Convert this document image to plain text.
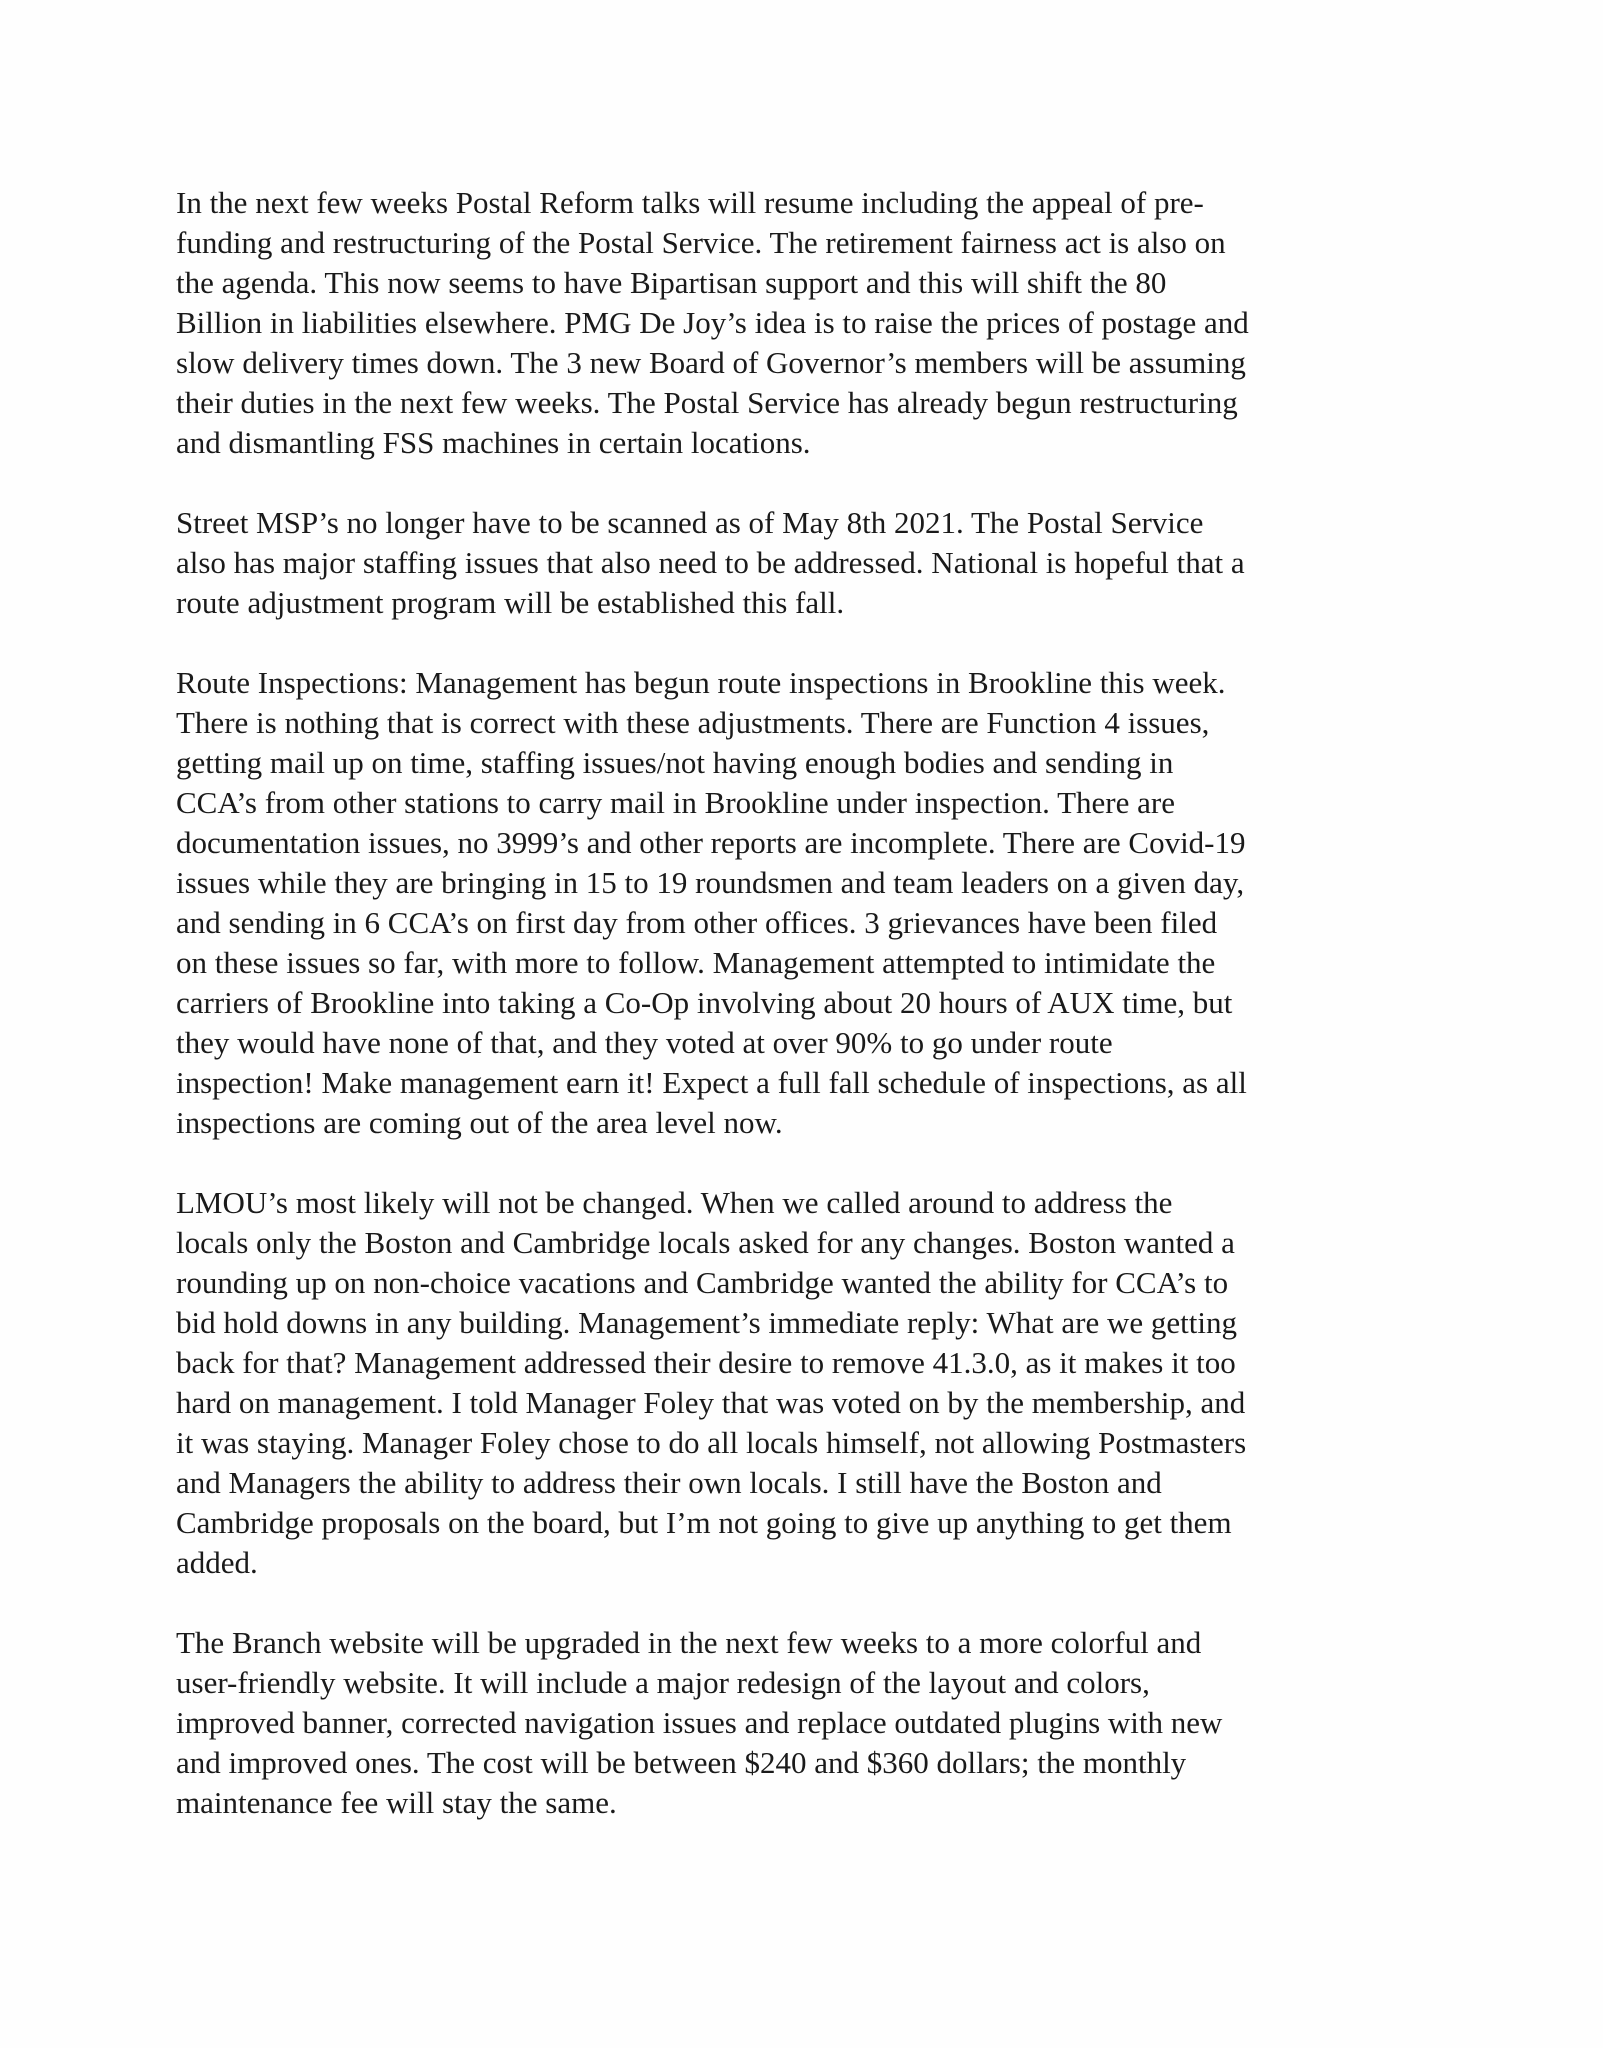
In the next few weeks Postal Reform talks will resume including the appeal of pre-
funding and restructuring of the Postal Service. The retirement fairness act is also on
the agenda. This now seems to have Bipartisan support and this will shift the 80
Billion in liabilities elsewhere. PMG De Joy’s idea is to raise the prices of postage and
slow delivery times down. The 3 new Board of Governor’s members will be assuming
their duties in the next few weeks. The Postal Service has already begun restructuring
and dismantling FSS machines in certain locations.

Street MSP’s no longer have to be scanned as of May 8th 2021. The Postal Service
also has major staffing issues that also need to be addressed. National is hopeful that a
route adjustment program will be established this fall.

Route Inspections: Management has begun route inspections in Brookline this week.
There is nothing that is correct with these adjustments. There are Function 4 issues,
getting mail up on time, staffing issues/not having enough bodies and sending in
CCA’s from other stations to carry mail in Brookline under inspection. There are
documentation issues, no 3999’s and other reports are incomplete. There are Covid-19
issues while they are bringing in 15 to 19 roundsmen and team leaders on a given day,
and sending in 6 CCA’s on first day from other offices. 3 grievances have been filed
on these issues so far, with more to follow. Management attempted to intimidate the
carriers of Brookline into taking a Co-Op involving about 20 hours of AUX time, but
they would have none of that, and they voted at over 90% to go under route
inspection! Make management earn it! Expect a full fall schedule of inspections, as all
inspections are coming out of the area level now.

LMOU’s most likely will not be changed. When we called around to address the
locals only the Boston and Cambridge locals asked for any changes. Boston wanted a
rounding up on non-choice vacations and Cambridge wanted the ability for CCA’s to
bid hold downs in any building. Management’s immediate reply: What are we getting
back for that? Management addressed their desire to remove 41.3.0, as it makes it too
hard on management. I told Manager Foley that was voted on by the membership, and
it was staying. Manager Foley chose to do all locals himself, not allowing Postmasters
and Managers the ability to address their own locals. I still have the Boston and
Cambridge proposals on the board, but I’m not going to give up anything to get them
added.

The Branch website will be upgraded in the next few weeks to a more colorful and
user-friendly website. It will include a major redesign of the layout and colors,
improved banner, corrected navigation issues and replace outdated plugins with new
and improved ones. The cost will be between $240 and $360 dollars; the monthly
maintenance fee will stay the same.
